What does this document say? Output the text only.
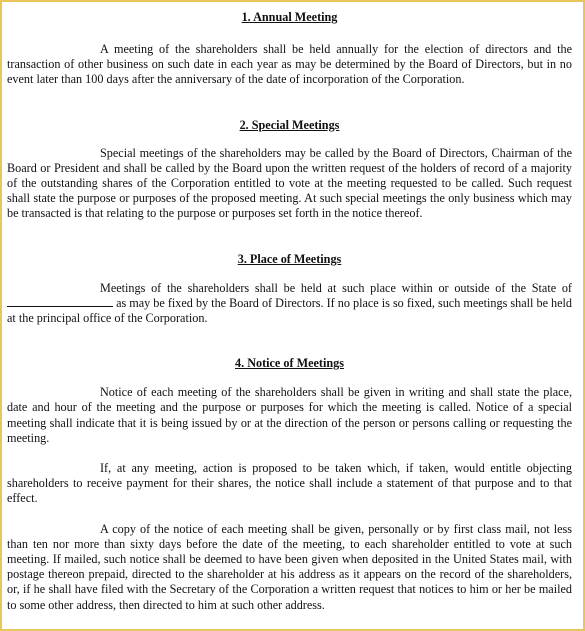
1. Annual Meeting

A meeting of the shareholders shall be held annually for the election of directors and the transaction of other business on such date in each year as may be determined by the Board of Directors, but in no event later than 100 days after the anniversary of the date of incorporation of the Corporation.

2. Special Meetings

Special meetings of the shareholders may be called by the Board of Directors, Chairman of the Board or President and shall be called by the Board upon the written request of the holders of record of a majority of the outstanding shares of the Corporation entitled to vote at the meeting requested to be called. Such request shall state the purpose or purposes of the proposed meeting. At such special meetings the only business which may be transacted is that relating to the purpose or purposes set forth in the notice thereof.

3. Place of Meetings

Meetings of the shareholders shall be held at such place within or outside of the State of  as may be fixed by the Board of Directors. If no place is so fixed, such meetings shall be held at the principal office of the Corporation.

4. Notice of Meetings

Notice of each meeting of the shareholders shall be given in writing and shall state the place, date and hour of the meeting and the purpose or purposes for which the meeting is called. Notice of a special meeting shall indicate that it is being issued by or at the direction of the person or persons calling or requesting the meeting.

If, at any meeting, action is proposed to be taken which, if taken, would entitle objecting shareholders to receive payment for their shares, the notice shall include a statement of that purpose and to that effect.

A copy of the notice of each meeting shall be given, personally or by first class mail, not less than ten nor more than sixty days before the date of the meeting, to each shareholder entitled to vote at such meeting. If mailed, such notice shall be deemed to have been given when deposited in the United States mail, with postage thereon prepaid, directed to the shareholder at his address as it appears on the record of the shareholders, or, if he shall have filed with the Secretary of the Corporation a written request that notices to him or her be mailed to some other address, then directed to him at such other address.
